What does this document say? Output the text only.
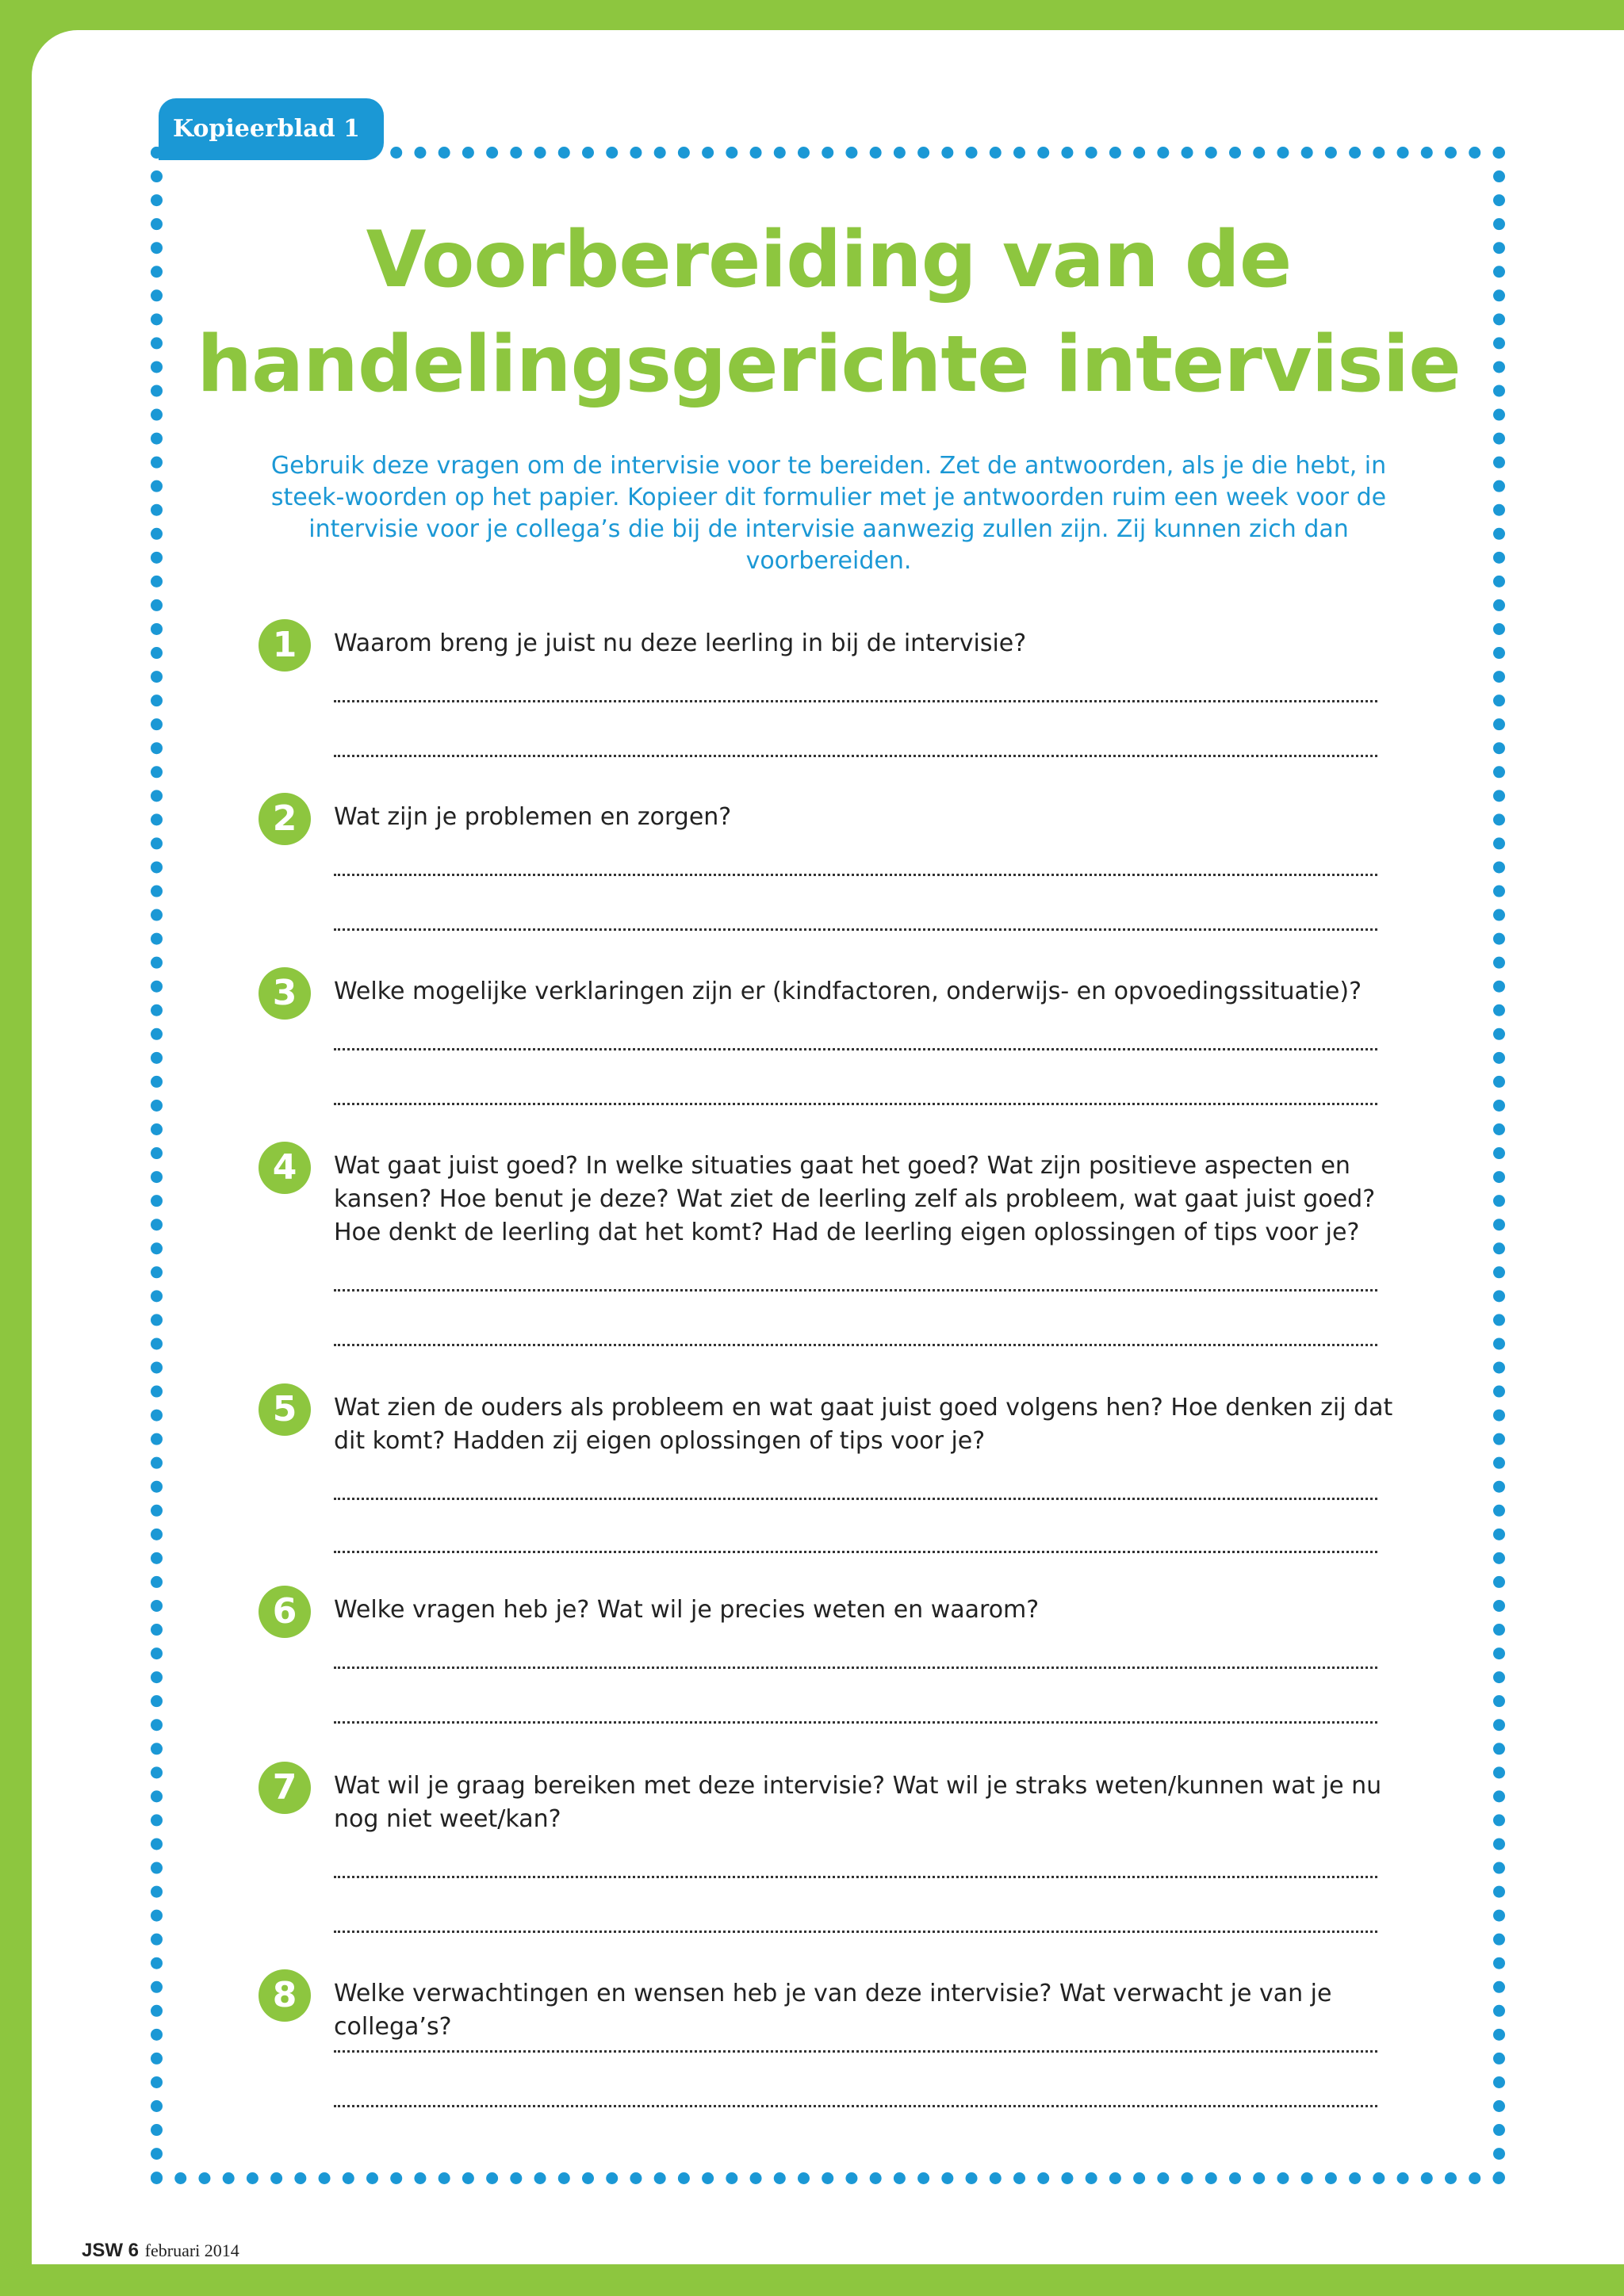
Kopieerblad 1
Voorbereiding van de handelingsgerichte intervisie
Gebruik deze vragen om de intervisie voor te bereiden. Zet de antwoorden, als je die hebt, in steek-woorden op het papier. Kopieer dit formulier met je antwoorden ruim een week voor de intervisie voor je collega’s die bij de intervisie aanwezig zullen zijn. Zij kunnen zich dan voorbereiden.
1	Waarom breng je juist nu deze leerling in bij de intervisie?
2	Wat zijn je problemen en zorgen?
3	Welke mogelijke verklaringen zijn er (kindfactoren, onderwijs- en opvoedingssituatie)?
4	Wat gaat juist goed? In welke situaties gaat het goed? Wat zijn positieve aspecten en kansen? Hoe benut je deze? Wat ziet de leerling zelf als probleem, wat gaat juist goed? Hoe denkt de leerling dat het komt? Had de leerling eigen oplossingen of tips voor je?
5	Wat zien de ouders als probleem en wat gaat juist goed volgens hen? Hoe denken zij dat dit komt? Hadden zij eigen oplossingen of tips voor je?
6	Welke vragen heb je? Wat wil je precies weten en waarom?
7	Wat wil je graag bereiken met deze intervisie? Wat wil je straks weten/kunnen wat je nu nog niet weet/kan?
8	Welke verwachtingen en wensen heb je van deze intervisie? Wat verwacht je van je collega’s?
26 JSW 6 februari 2014
